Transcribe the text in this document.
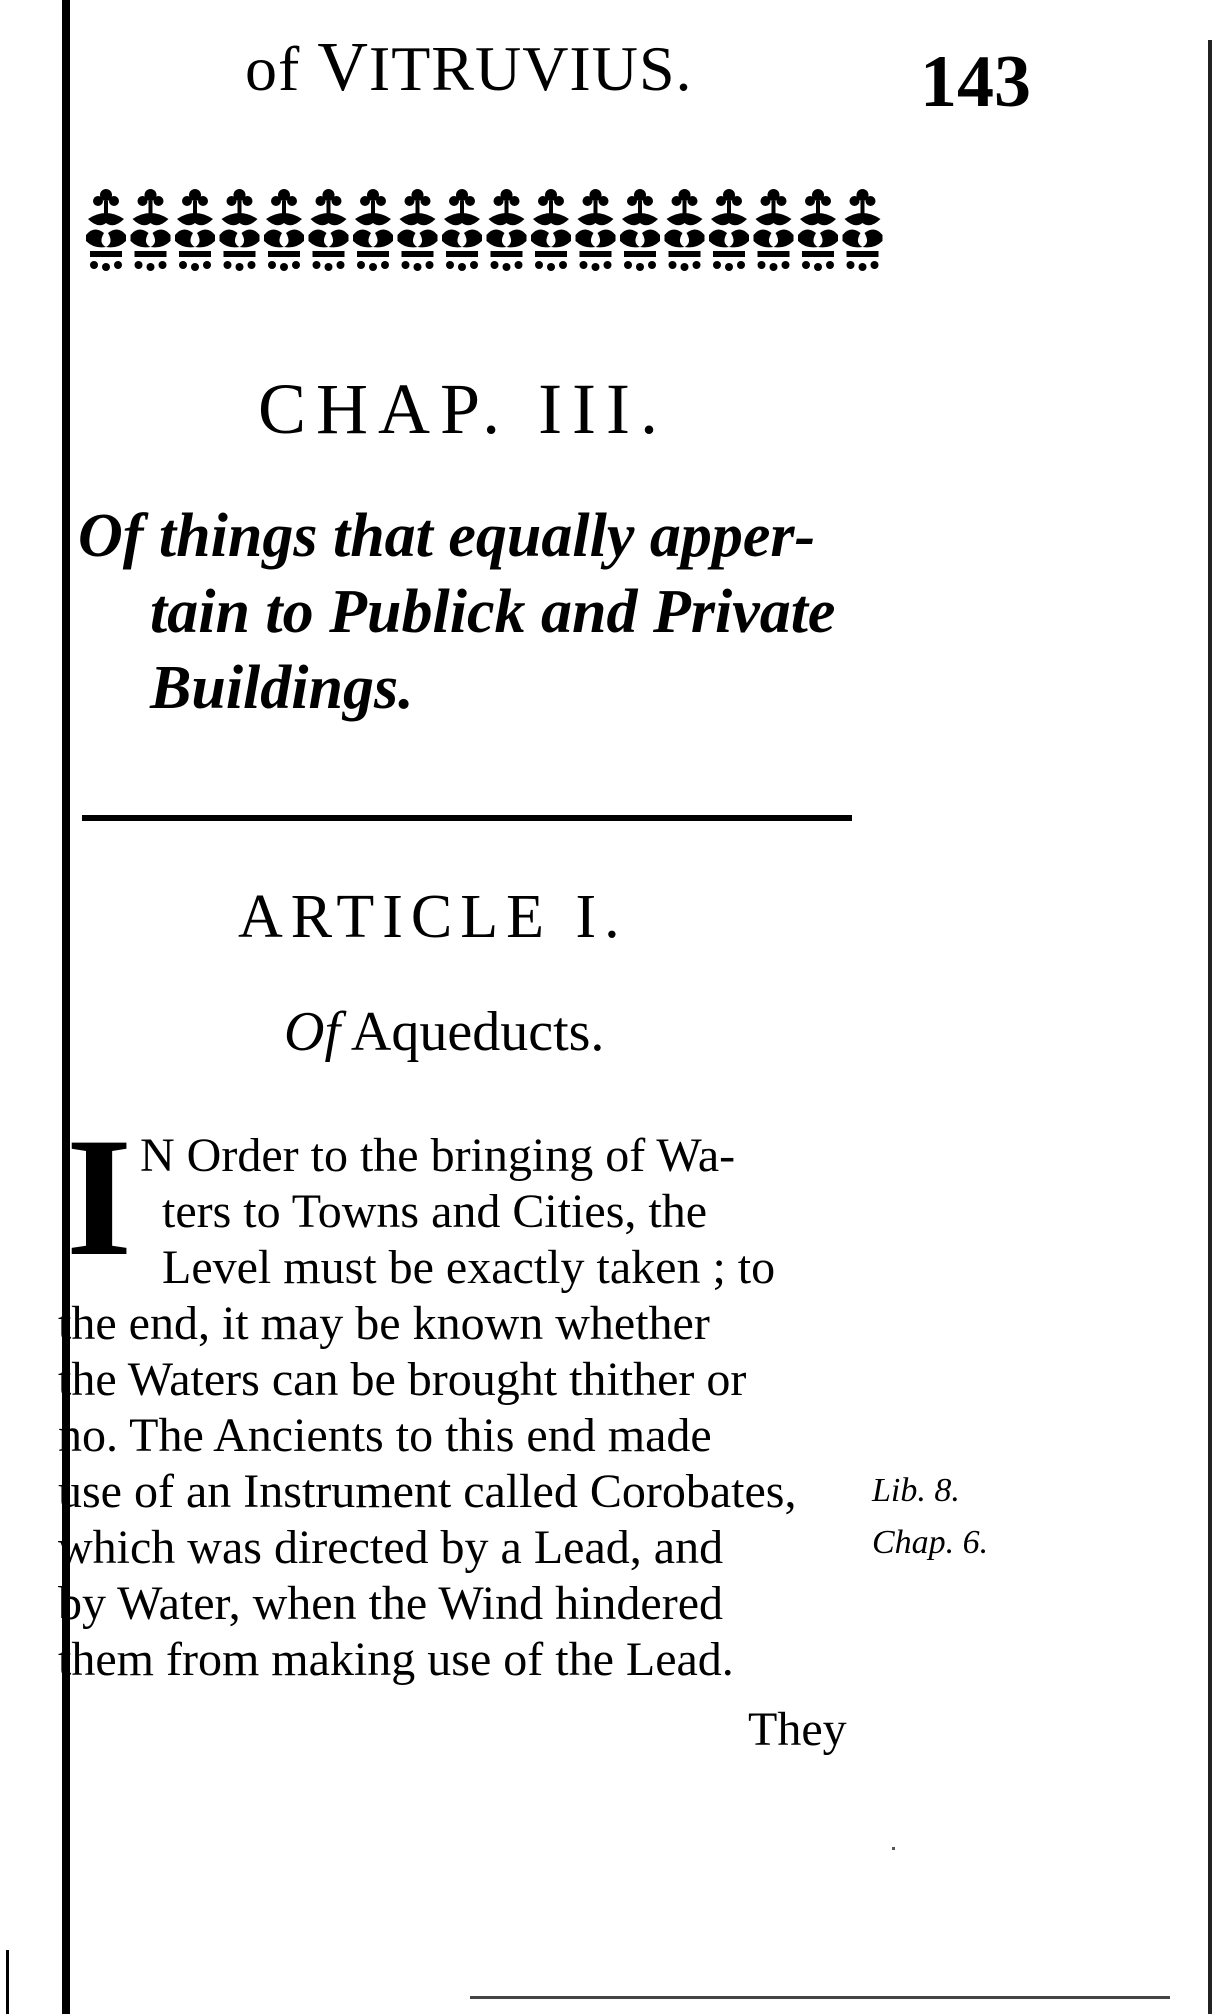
of VITRUVIUS.	143
CHAP. III.
Of things that equally apper-
tain to Publick and Private
Buildings.
ARTICLE I.
Of Aqueducts.
I N Order to the bringing of Wa-
ters to Towns and Cities, the
Level must be exactly taken ; to
the end, it may be known whether
the Waters can be brought thither or
no. The Ancients to this end made
use of an Instrument called Corobates,
which was directed by a Lead, and
by Water, when the Wind hindered
them from making use of the Lead.
Lib. 8.
Chap. 6.
They
